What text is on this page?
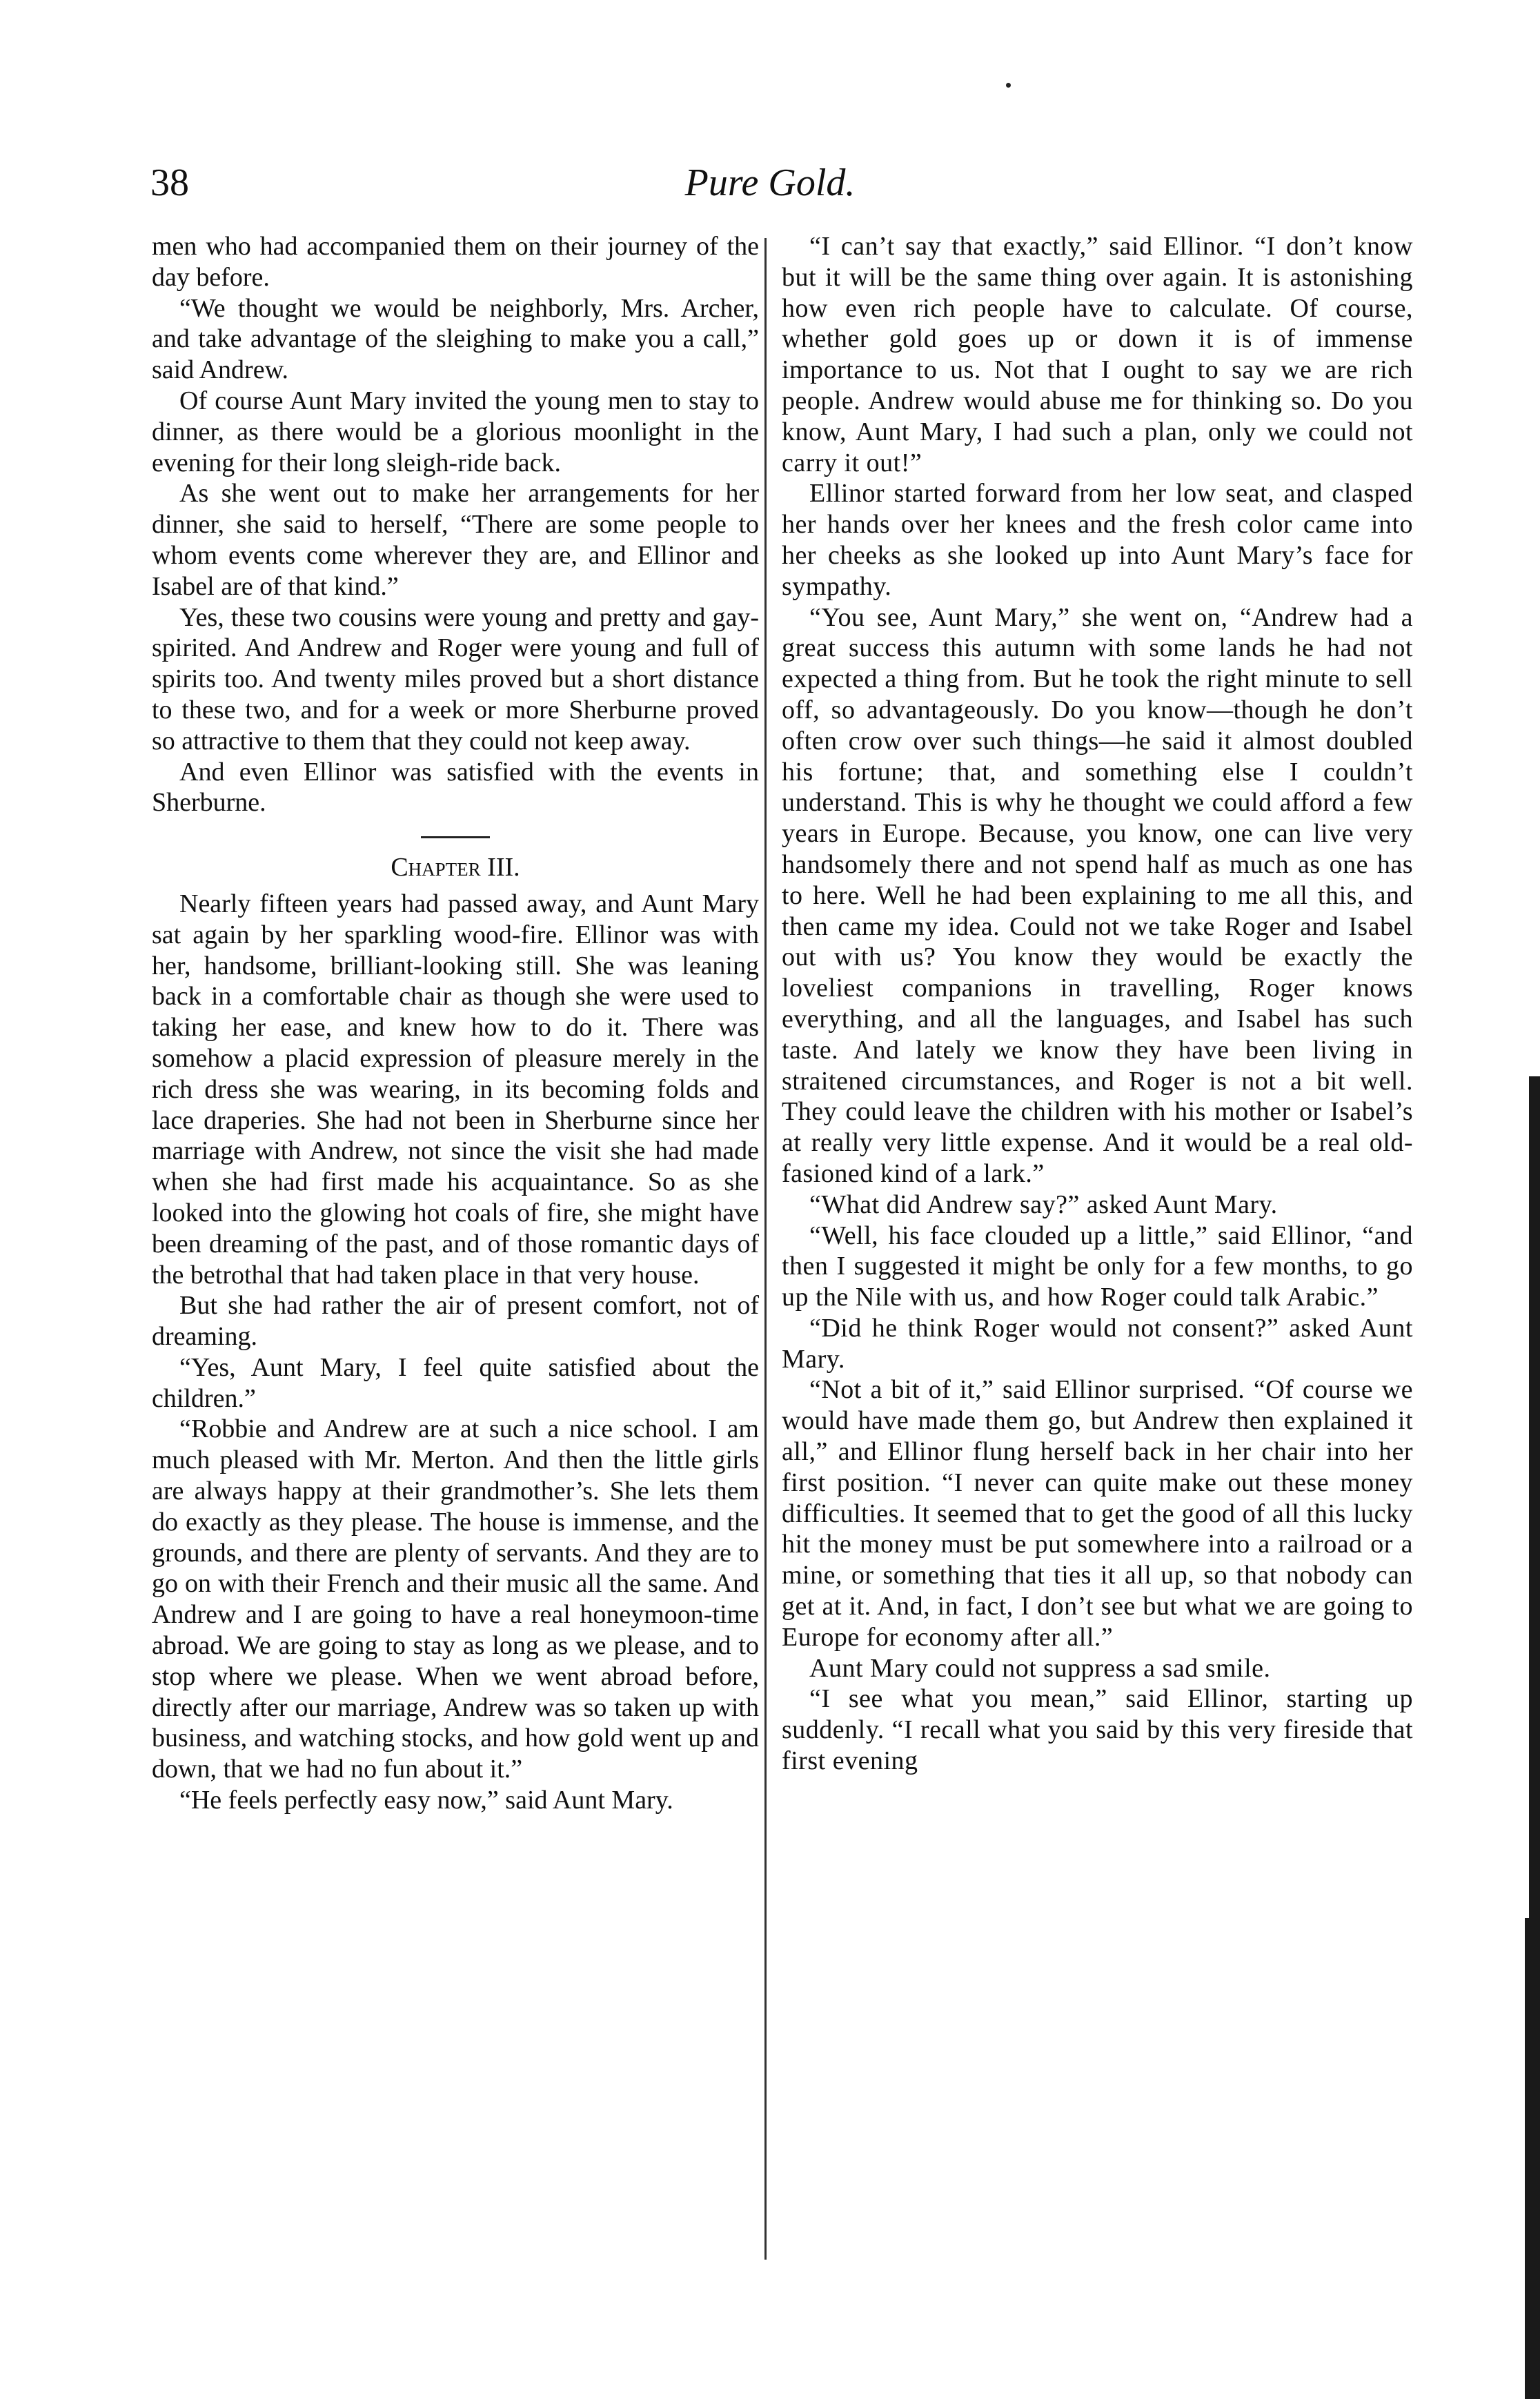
38	Pure Gold.

men who had accompanied them on their journey of the day before.

“We thought we would be neighborly, Mrs. Archer, and take advantage of the sleighing to make you a call,” said Andrew.

Of course Aunt Mary invited the young men to stay to dinner, as there would be a glorious moonlight in the evening for their long sleigh-ride back.

As she went out to make her arrangements for her dinner, she said to herself, “There are some people to whom events come wherever they are, and Ellinor and Isabel are of that kind.”

Yes, these two cousins were young and pretty and gay-spirited. And Andrew and Roger were young and full of spirits too. And twenty miles proved but a short distance to these two, and for a week or more Sherburne proved so attractive to them that they could not keep away.

And even Ellinor was satisfied with the events in Sherburne.

Chapter III.

Nearly fifteen years had passed away, and Aunt Mary sat again by her sparkling wood-fire. Ellinor was with her, handsome, brilliant-looking still. She was leaning back in a comfortable chair as though she were used to taking her ease, and knew how to do it. There was somehow a placid expression of pleasure merely in the rich dress she was wearing, in its becoming folds and lace draperies. She had not been in Sherburne since her marriage with Andrew, not since the visit she had made when she had first made his acquaintance. So as she looked into the glowing hot coals of fire, she might have been dreaming of the past, and of those romantic days of the betrothal that had taken place in that very house.

But she had rather the air of present comfort, not of dreaming.

“Yes, Aunt Mary, I feel quite satisfied about the children.”

“Robbie and Andrew are at such a nice school. I am much pleased with Mr. Merton. And then the little girls are always happy at their grandmother’s. She lets them do exactly as they please. The house is immense, and the grounds, and there are plenty of servants. And they are to go on with their French and their music all the same. And Andrew and I are going to have a real honeymoon-time abroad. We are going to stay as long as we please, and to stop where we please. When we went abroad before, directly after our marriage, Andrew was so taken up with business, and watching stocks, and how gold went up and down, that we had no fun about it.”

“He feels perfectly easy now,” said Aunt Mary.

“I can’t say that exactly,” said Ellinor. “I don’t know but it will be the same thing over again. It is astonishing how even rich people have to calculate. Of course, whether gold goes up or down it is of immense importance to us. Not that I ought to say we are rich people. Andrew would abuse me for thinking so. Do you know, Aunt Mary, I had such a plan, only we could not carry it out!”

Ellinor started forward from her low seat, and clasped her hands over her knees and the fresh color came into her cheeks as she looked up into Aunt Mary’s face for sympathy.

“You see, Aunt Mary,” she went on, “Andrew had a great success this autumn with some lands he had not expected a thing from. But he took the right minute to sell off, so advantageously. Do you know—though he don’t often crow over such things—he said it almost doubled his fortune; that, and something else I couldn’t understand. This is why he thought we could afford a few years in Europe. Because, you know, one can live very handsomely there and not spend half as much as one has to here. Well he had been explaining to me all this, and then came my idea. Could not we take Roger and Isabel out with us? You know they would be exactly the loveliest companions in travelling, Roger knows everything, and all the languages, and Isabel has such taste. And lately we know they have been living in straitened circumstances, and Roger is not a bit well. They could leave the children with his mother or Isabel’s at really very little expense. And it would be a real old-fasioned kind of a lark.”

“What did Andrew say?” asked Aunt Mary.

“Well, his face clouded up a little,” said Ellinor, “and then I suggested it might be only for a few months, to go up the Nile with us, and how Roger could talk Arabic.”

“Did he think Roger would not consent?” asked Aunt Mary.

“Not a bit of it,” said Ellinor surprised. “Of course we would have made them go, but Andrew then explained it all,” and Ellinor flung herself back in her chair into her first position. “I never can quite make out these money difficulties. It seemed that to get the good of all this lucky hit the money must be put somewhere into a railroad or a mine, or something that ties it all up, so that nobody can get at it. And, in fact, I don’t see but what we are going to Europe for economy after all.”

Aunt Mary could not suppress a sad smile.

“I see what you mean,” said Ellinor, starting up suddenly. “I recall what you said by this very fireside that first evening
